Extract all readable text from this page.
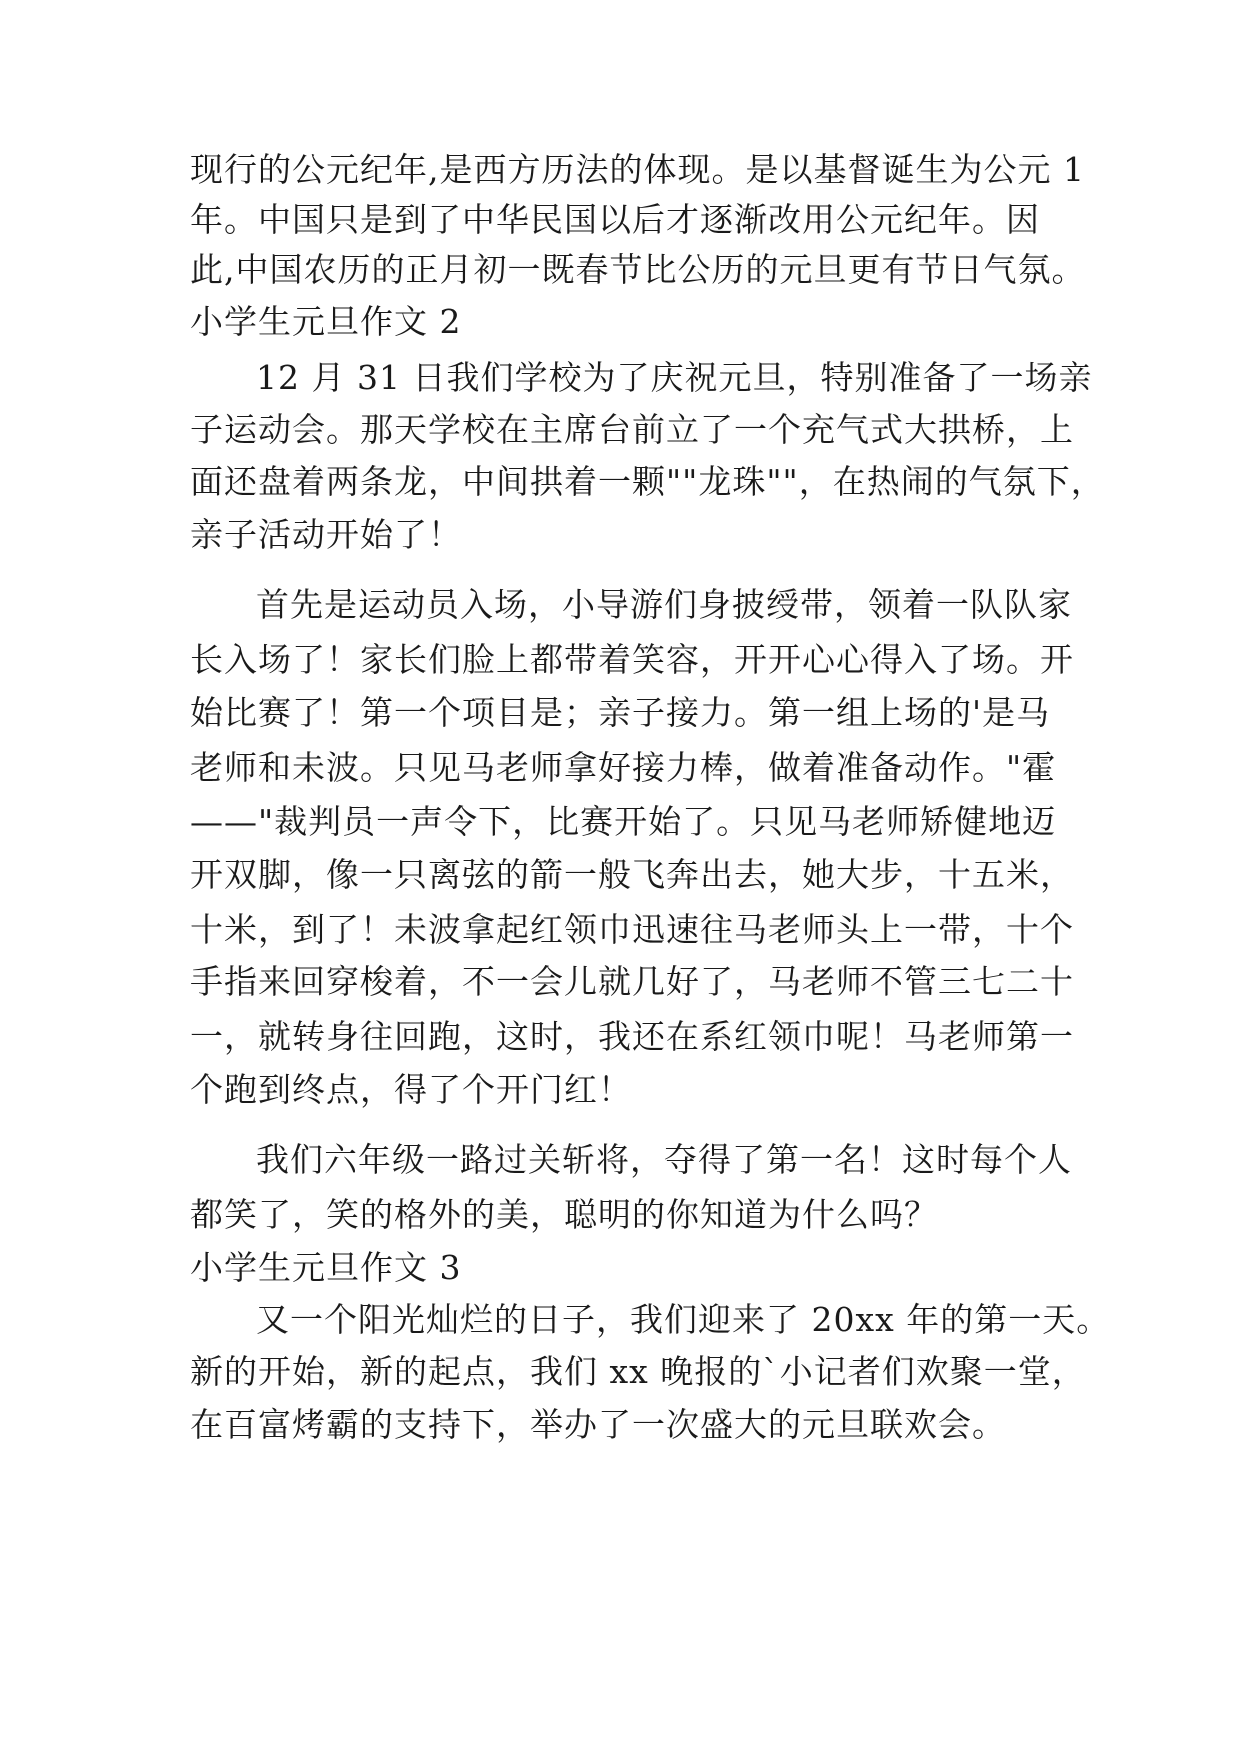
现行的公元纪年,是西方历法的体现。是以基督诞生为公元 1
年。中国只是到了中华民国以后才逐渐改用公元纪年。因
此,中国农历的正月初一既春节比公历的元旦更有节日气氛。
小学生元旦作文 2
12 月 31 日我们学校为了庆祝元旦，特别准备了一场亲
子运动会。那天学校在主席台前立了一个充气式大拱桥，上
面还盘着两条龙，中间拱着一颗""龙珠""，在热闹的气氛下，
亲子活动开始了！
首先是运动员入场，小导游们身披绶带，领着一队队家
长入场了！家长们脸上都带着笑容，开开心心得入了场。开
始比赛了！第一个项目是；亲子接力。第一组上场的'是马
老师和未波。只见马老师拿好接力棒，做着准备动作。"霍
——"裁判员一声令下，比赛开始了。只见马老师矫健地迈
开双脚，像一只离弦的箭一般飞奔出去，她大步，十五米，
十米，到了！未波拿起红领巾迅速往马老师头上一带，十个
手指来回穿梭着，不一会儿就几好了，马老师不管三七二十
一，就转身往回跑，这时，我还在系红领巾呢！马老师第一
个跑到终点，得了个开门红！
我们六年级一路过关斩将，夺得了第一名！这时每个人
都笑了，笑的格外的美，聪明的你知道为什么吗？
小学生元旦作文 3
又一个阳光灿烂的日子，我们迎来了 20xx 年的第一天。
新的开始，新的起点，我们 xx 晚报的`小记者们欢聚一堂，
在百富烤霸的支持下，举办了一次盛大的元旦联欢会。
